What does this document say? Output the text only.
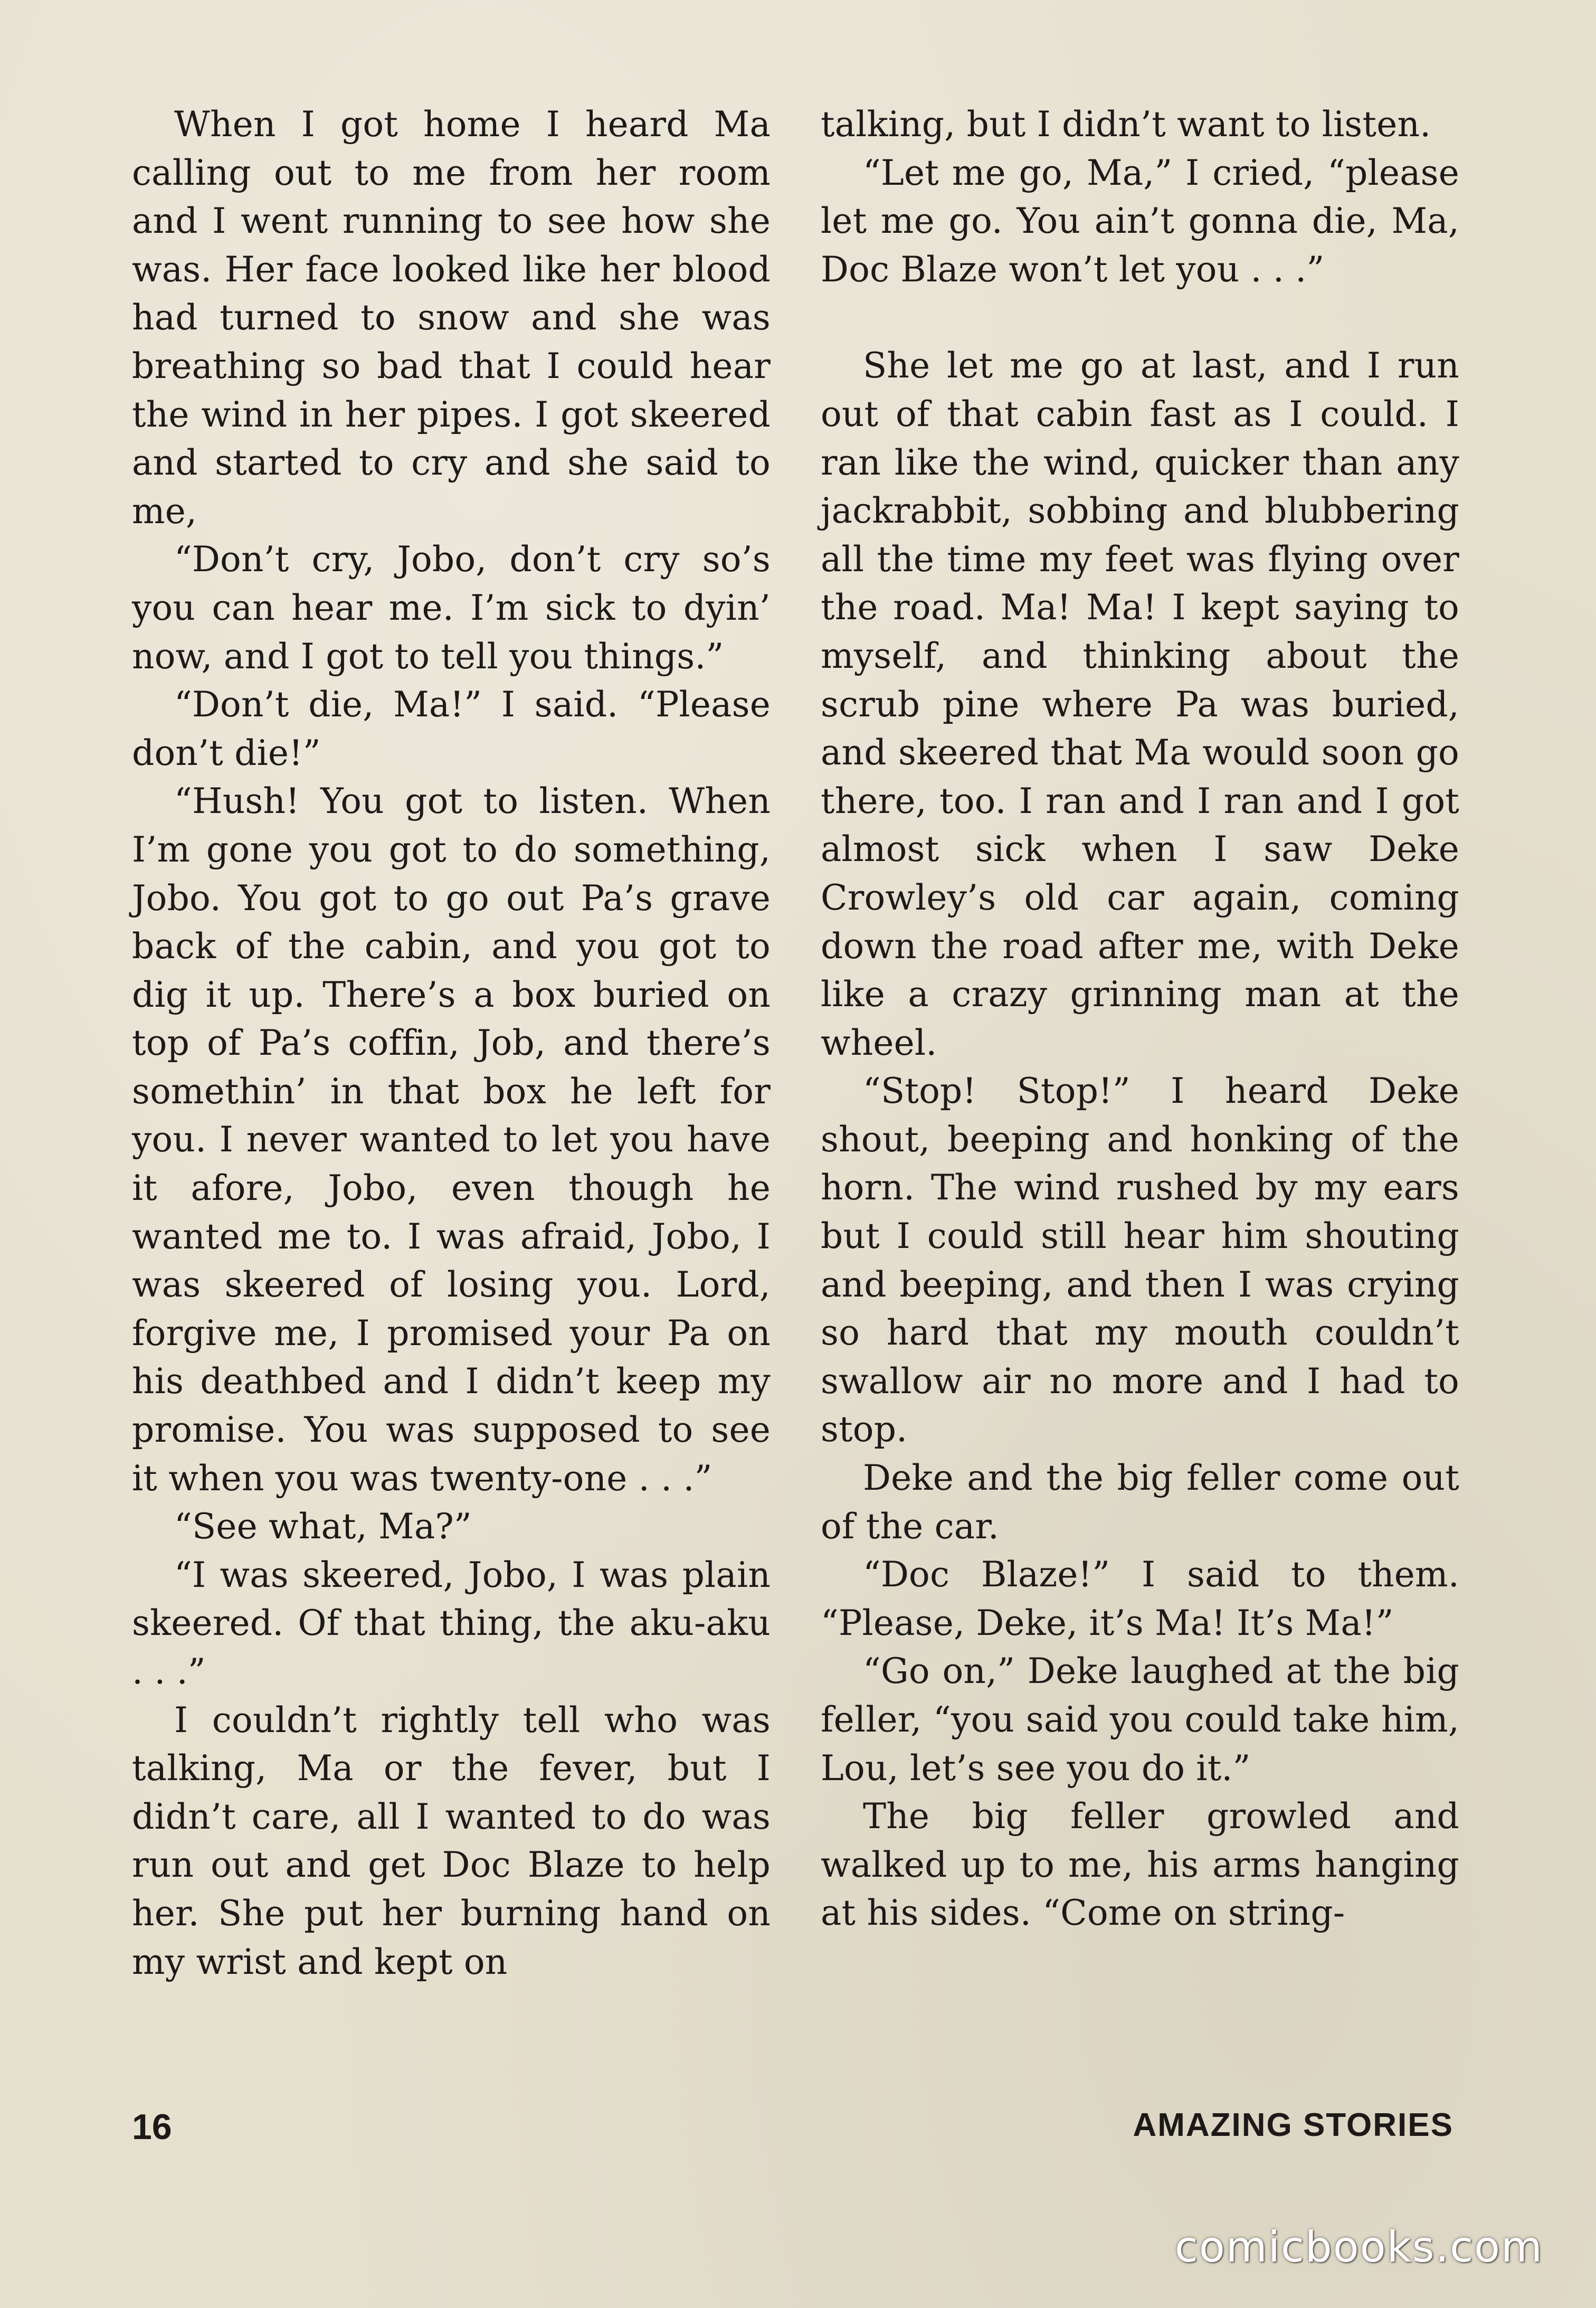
When I got home I heard Ma calling out to me from her room and I went running to see how she was. Her face looked like her blood had turned to snow and she was breathing so bad that I could hear the wind in her pipes. I got skeered and started to cry and she said to me,

“Don’t cry, Jobo, don’t cry so’s you can hear me. I’m sick to dyin’ now, and I got to tell you things.”

“Don’t die, Ma!” I said. “Please don’t die!”

“Hush! You got to listen. When I’m gone you got to do something, Jobo. You got to go out Pa’s grave back of the cabin, and you got to dig it up. There’s a box buried on top of Pa’s coffin, Job, and there’s somethin’ in that box he left for you. I never wanted to let you have it afore, Jobo, even though he wanted me to. I was afraid, Jobo, I was skeered of losing you. Lord, forgive me, I promised your Pa on his deathbed and I didn’t keep my promise. You was supposed to see it when you was twenty-one . . .”

“See what, Ma?”

“I was skeered, Jobo, I was plain skeered. Of that thing, the aku-aku . . .”

I couldn’t rightly tell who was talking, Ma or the fever, but I didn’t care, all I wanted to do was run out and get Doc Blaze to help her. She put her burning hand on my wrist and kept on

talking, but I didn’t want to listen.

“Let me go, Ma,” I cried, “please let me go. You ain’t gonna die, Ma, Doc Blaze won’t let you . . .”

She let me go at last, and I run out of that cabin fast as I could. I ran like the wind, quicker than any jackrabbit, sobbing and blubbering all the time my feet was flying over the road. Ma! Ma! I kept saying to myself, and thinking about the scrub pine where Pa was buried, and skeered that Ma would soon go there, too. I ran and I ran and I got almost sick when I saw Deke Crowley’s old car again, coming down the road after me, with Deke like a crazy grinning man at the wheel.

“Stop! Stop!” I heard Deke shout, beeping and honking of the horn. The wind rushed by my ears but I could still hear him shouting and beeping, and then I was crying so hard that my mouth couldn’t swallow air no more and I had to stop.

Deke and the big feller come out of the car.

“Doc Blaze!” I said to them. “Please, Deke, it’s Ma! It’s Ma!”

“Go on,” Deke laughed at the big feller, “you said you could take him, Lou, let’s see you do it.”

The big feller growled and walked up to me, his arms hanging at his sides. “Come on string-

16	AMAZING STORIES
comicbooks.com
